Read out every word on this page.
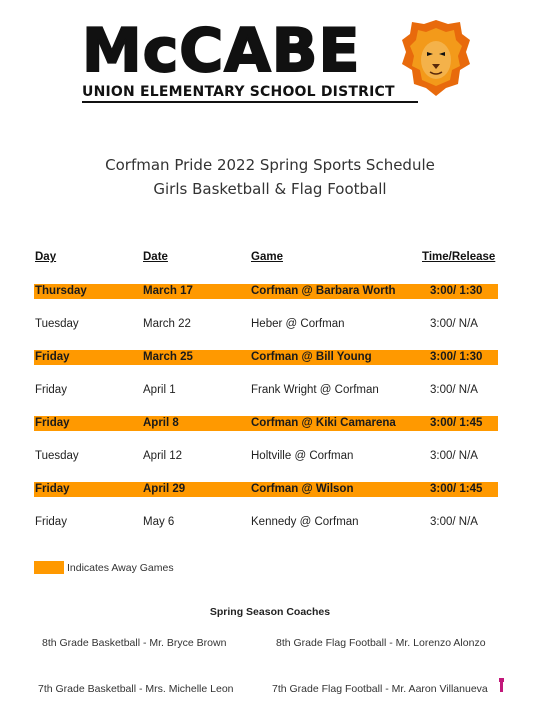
McCABE
UNION ELEMENTARY SCHOOL DISTRICT
Corfman Pride 2022 Spring Sports Schedule
Girls Basketball & Flag Football
Day	Date	Game	Time/Release
Thursday	March 17	Corfman @ Barbara Worth	3:00/ 1:30
Tuesday	March 22	Heber @ Corfman	3:00/ N/A
Friday	March 25	Corfman @ Bill Young	3:00/ 1:30
Friday	April 1	Frank Wright @ Corfman	3:00/ N/A
Friday	April 8	Corfman @ Kiki Camarena	3:00/ 1:45
Tuesday	April 12	Holtville @ Corfman	3:00/ N/A
Friday	April 29	Corfman @ Wilson	3:00/ 1:45
Friday	May 6	Kennedy @ Corfman	3:00/ N/A
Indicates Away Games
Spring Season Coaches
8th Grade Basketball - Mr. Bryce Brown	8th Grade Flag Football - Mr. Lorenzo Alonzo
7th Grade Basketball - Mrs. Michelle Leon	7th Grade Flag Football - Mr. Aaron Villanueva
